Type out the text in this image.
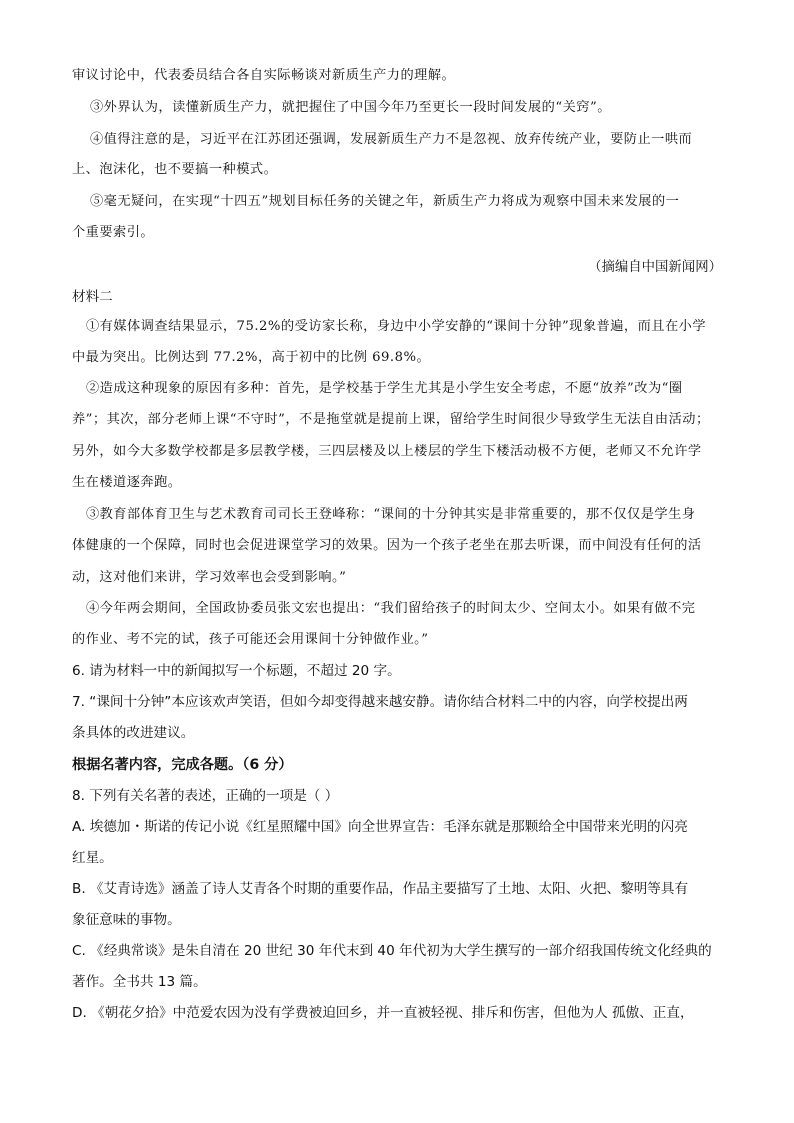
审议讨论中，代表委员结合各自实际畅谈对新质生产力的理解。
③外界认为，读懂新质生产力，就把握住了中国今年乃至更长一段时间发展的“关窍”。
④值得注意的是，习近平在江苏团还强调，发展新质生产力不是忽视、放弃传统产业，要防止一哄而
上、泡沫化，也不要搞一种模式。
⑤毫无疑问，在实现“十四五”规划目标任务的关键之年，新质生产力将成为观察中国未来发展的一
个重要索引。
（摘编自中国新闻网）
材料二
①有媒体调查结果显示，75.2%的受访家长称，身边中小学安静的“课间十分钟”现象普遍，而且在小学
中最为突出。比例达到 77.2%，高于初中的比例 69.8%。
②造成这种现象的原因有多种：首先，是学校基于学生尤其是小学生安全考虑，不愿“放养”改为“圈
养”；其次，部分老师上课“不守时”，不是拖堂就是提前上课，留给学生时间很少导致学生无法自由活动；
另外，如今大多数学校都是多层教学楼，三四层楼及以上楼层的学生下楼活动极不方便，老师又不允许学
生在楼道逐奔跑。
③教育部体育卫生与艺术教育司司长王登峰称：“课间的十分钟其实是非常重要的，那不仅仅是学生身
体健康的一个保障，同时也会促进课堂学习的效果。因为一个孩子老坐在那去听课，而中间没有任何的活
动，这对他们来讲，学习效率也会受到影响。”
④今年两会期间，全国政协委员张文宏也提出：“我们留给孩子的时间太少、空间太小。如果有做不完
的作业、考不完的试，孩子可能还会用课间十分钟做作业。”
6. 请为材料一中的新闻拟写一个标题，不超过 20 字。
7. “课间十分钟”本应该欢声笑语，但如今却变得越来越安静。请你结合材料二中的内容，向学校提出两
条具体的改进建议。
根据名著内容，完成各题。（6 分）
8. 下列有关名著的表述，正确的一项是（ ）
A. 埃德加・斯诺的传记小说《红星照耀中国》向全世界宣告：毛泽东就是那颗给全中国带来光明的闪亮
红星。
B. 《艾青诗选》涵盖了诗人艾青各个时期的重要作品，作品主要描写了土地、太阳、火把、黎明等具有
象征意味的事物。
C. 《经典常谈》是朱自清在 20 世纪 30 年代末到 40 年代初为大学生撰写的一部介绍我国传统文化经典的
著作。全书共 13 篇。
D. 《朝花夕拾》中范爱农因为没有学费被迫回乡，并一直被轻视、排斥和伤害，但他为人 孤傲、正直，
